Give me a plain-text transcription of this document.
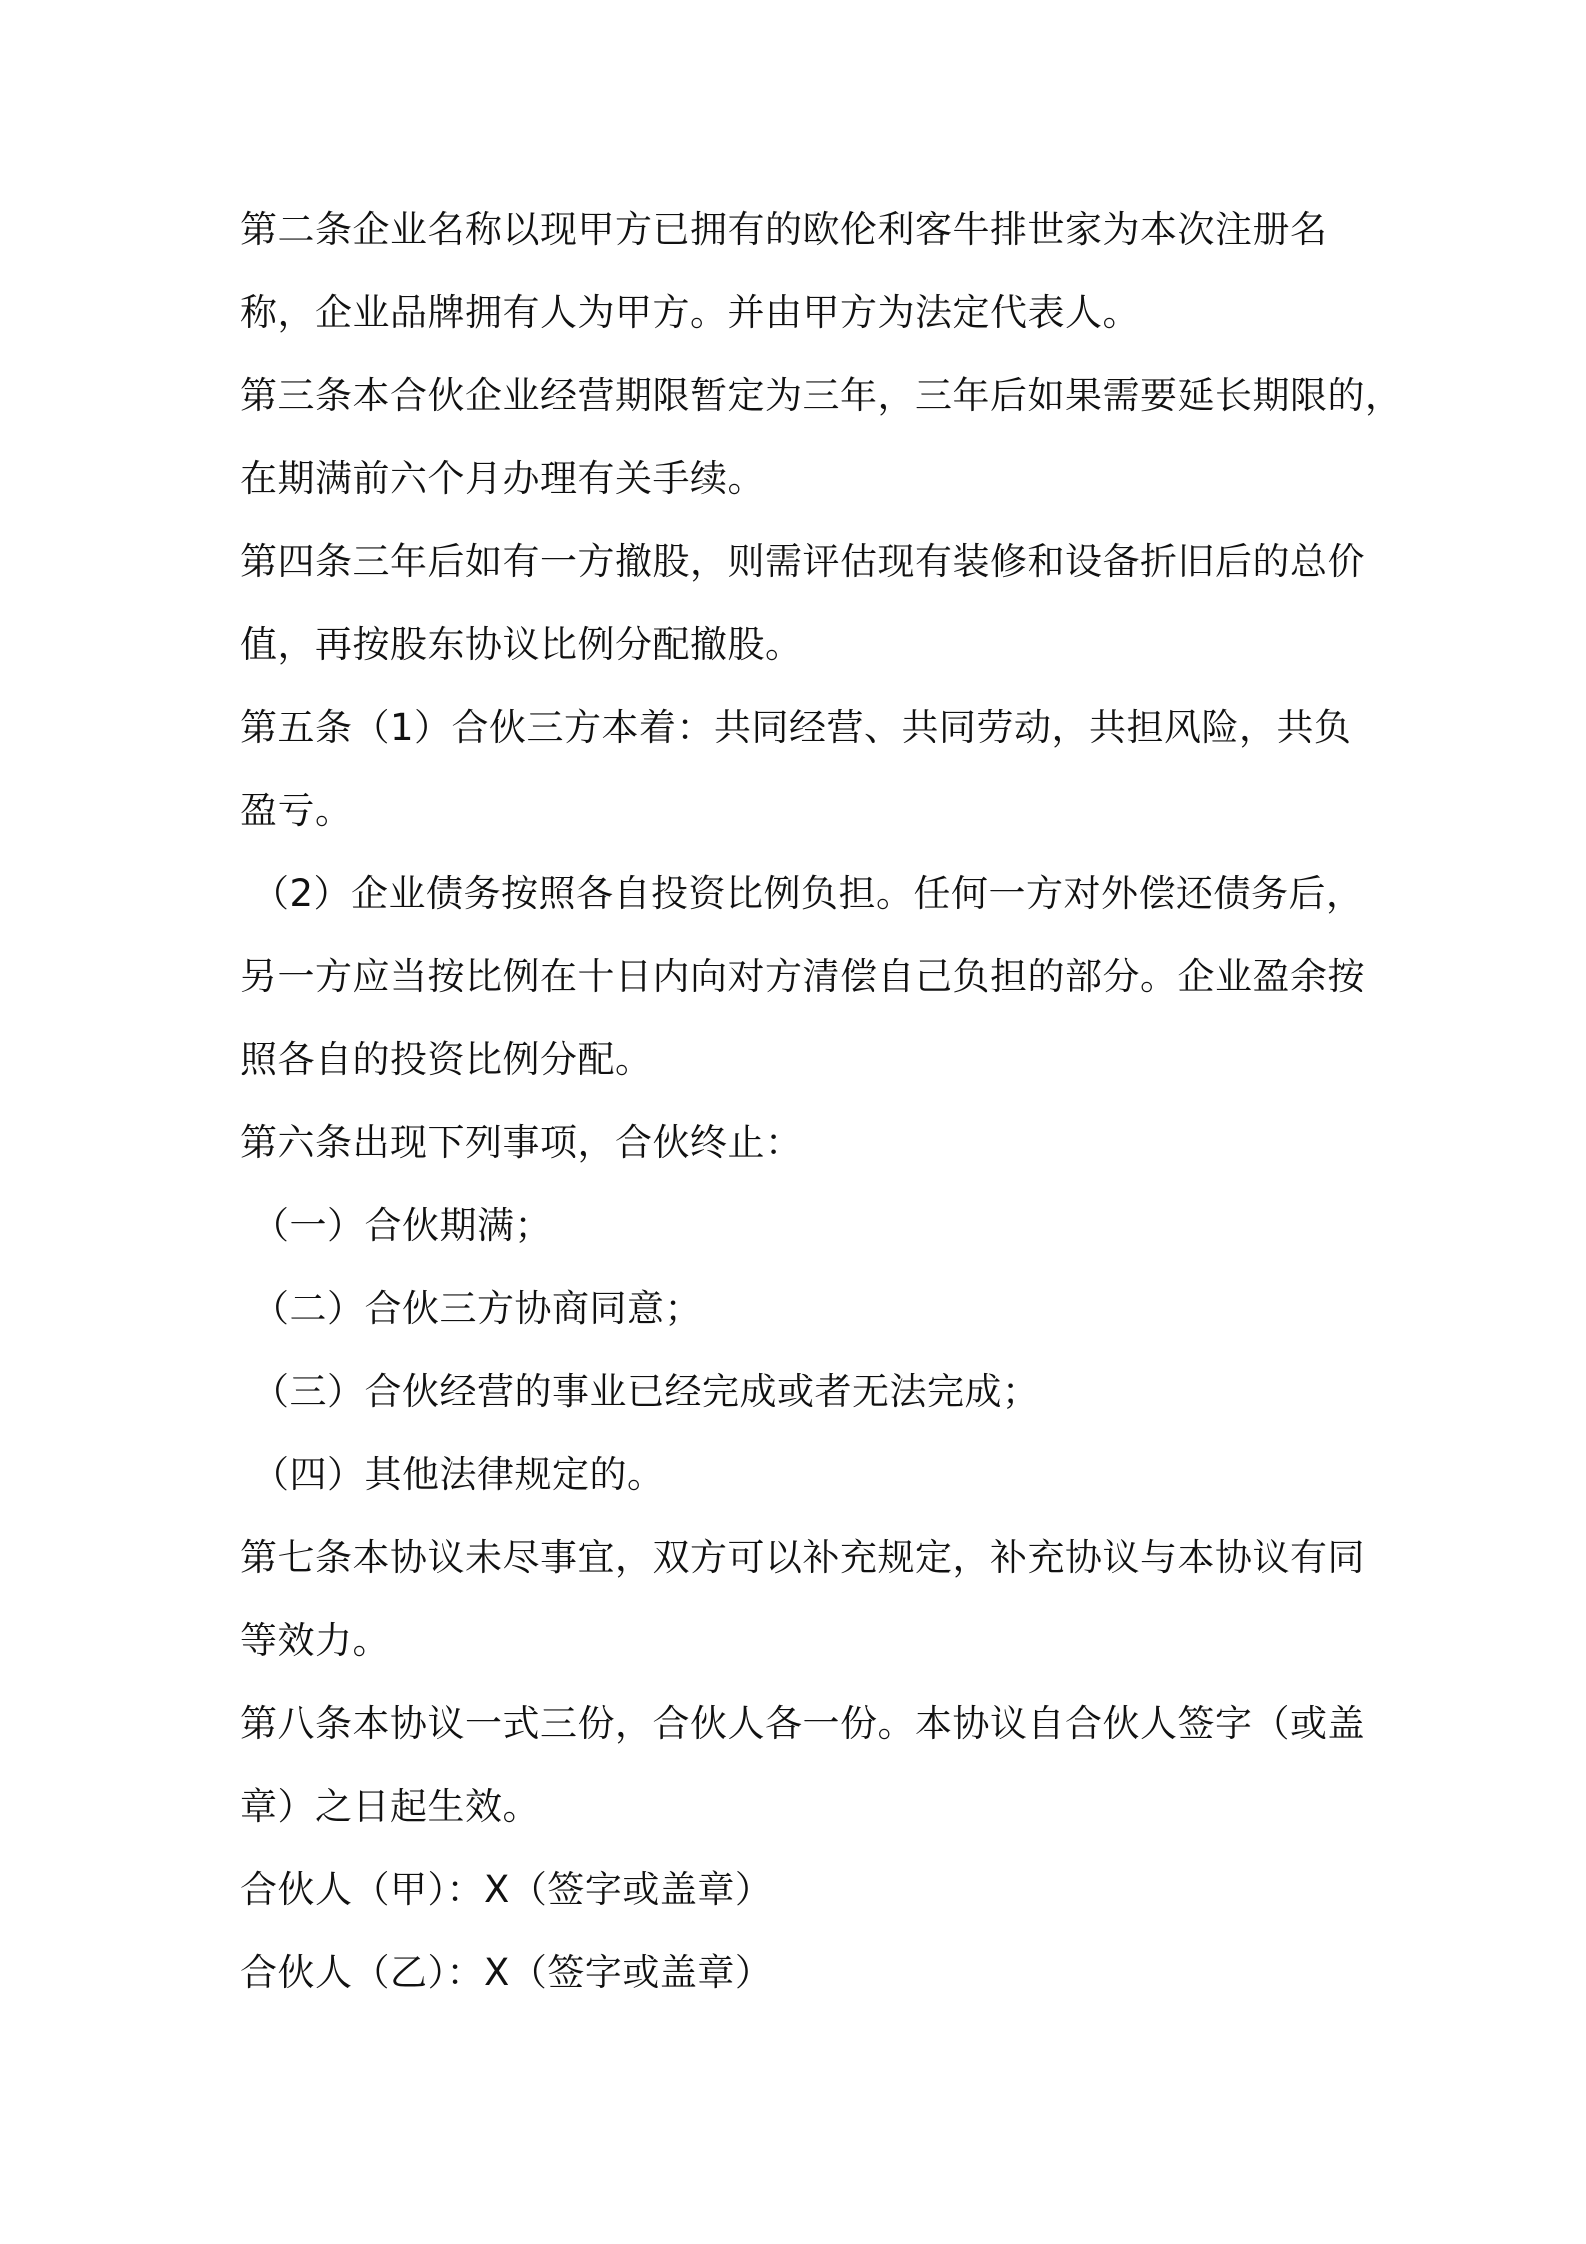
第二条企业名称以现甲方已拥有的欧伦利客牛排世家为本次注册名
称，企业品牌拥有人为甲方。并由甲方为法定代表人。
第三条本合伙企业经营期限暂定为三年，三年后如果需要延长期限的，
在期满前六个月办理有关手续。
第四条三年后如有一方撤股，则需评估现有装修和设备折旧后的总价
值，再按股东协议比例分配撤股。
第五条（1）合伙三方本着：共同经营、共同劳动，共担风险，共负
盈亏。
（2）企业债务按照各自投资比例负担。任何一方对外偿还债务后，
另一方应当按比例在十日内向对方清偿自己负担的部分。企业盈余按
照各自的投资比例分配。
第六条出现下列事项，合伙终止：
（一）合伙期满；
（二）合伙三方协商同意；
（三）合伙经营的事业已经完成或者无法完成；
（四）其他法律规定的。
第七条本协议未尽事宜，双方可以补充规定，补充协议与本协议有同
等效力。
第八条本协议一式三份，合伙人各一份。本协议自合伙人签字（或盖
章）之日起生效。
合伙人（甲）：X（签字或盖章）
合伙人（乙）：X（签字或盖章）
